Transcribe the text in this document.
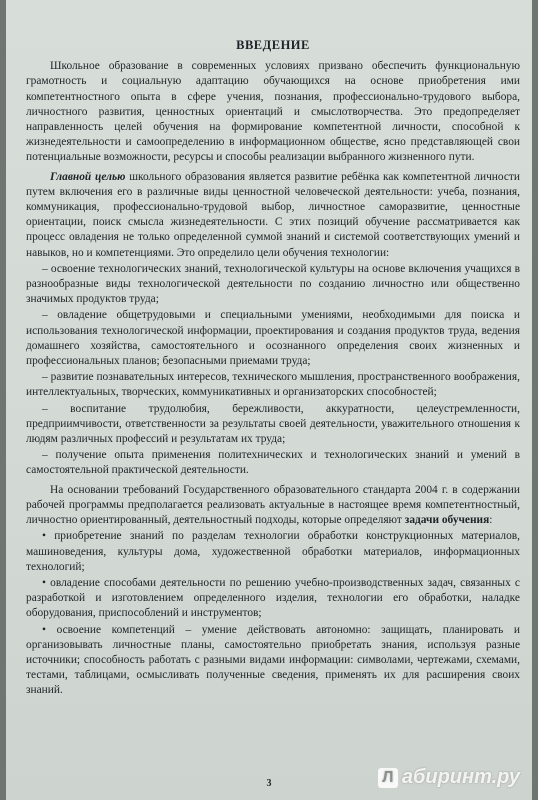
ВВЕДЕНИЕ

Школьное образование в современных условиях призвано обеспечить функциональную грамотность и социальную адаптацию обучающихся на основе приобретения ими компетентностного опыта в сфере учения, познания, профессионально-трудового выбора, личностного развития, ценностных ориентаций и смыслотворчества. Это предопределяет направленность целей обучения на формирование компетентной личности, способной к жизнедеятельности и самоопределению в информационном обществе, ясно представляющей свои потенциальные возможности, ресурсы и способы реализации выбранного жизненного пути.

Главной целью школьного образования является развитие ребёнка как компетентной личности путем включения его в различные виды ценностной человеческой деятельности: учеба, познания, коммуникация, профессионально-трудовой выбор, личностное саморазвитие, ценностные ориентации, поиск смысла жизнедеятельности. С этих позиций обучение рассматривается как процесс овладения не только определенной суммой знаний и системой соответствующих умений и навыков, но и компетенциями. Это определило цели обучения технологии:

– освоение технологических знаний, технологической культуры на основе включения учащихся в разнообразные виды технологической деятельности по созданию личностно или общественно значимых продуктов труда;

– овладение общетрудовыми и специальными умениями, необходимыми для поиска и использования технологической информации, проектирования и создания продуктов труда, ведения домашнего хозяйства, самостоятельного и осознанного определения своих жизненных и профессиональных планов; безопасными приемами труда;

– развитие познавательных интересов, технического мышления, пространственного воображения, интеллектуальных, творческих, коммуникативных и организаторских способностей;

– воспитание трудолюбия, бережливости, аккуратности, целеустремленности, предприимчивости, ответственности за результаты своей деятельности, уважительного отношения к людям различных профессий и результатам их труда;

– получение опыта применения политехнических и технологических знаний и умений в самостоятельной практической деятельности.

На основании требований Государственного образовательного стандарта 2004 г. в содержании рабочей программы предполагается реализовать актуальные в настоящее время компетентностный, личностно ориентированный, деятельностный подходы, которые определяют задачи обучения:

• приобретение знаний по разделам технологии обработки конструкционных материалов, машиноведения, культуры дома, художественной обработки материалов, информационных технологий;

• овладение способами деятельности по решению учебно-производственных задач, связанных с разработкой и изготовлением определенного изделия, технологии его обработки, наладке оборудования, приспособлений и инструментов;

• освоение компетенций – умение действовать автономно: защищать, планировать и организовывать личностные планы, самостоятельно приобретать знания, используя разные источники; способность работать с разными видами информации: символами, чертежами, схемами, тестами, таблицами, осмысливать полученные сведения, применять их для расширения своих знаний.

3	Л абиринт.ру
